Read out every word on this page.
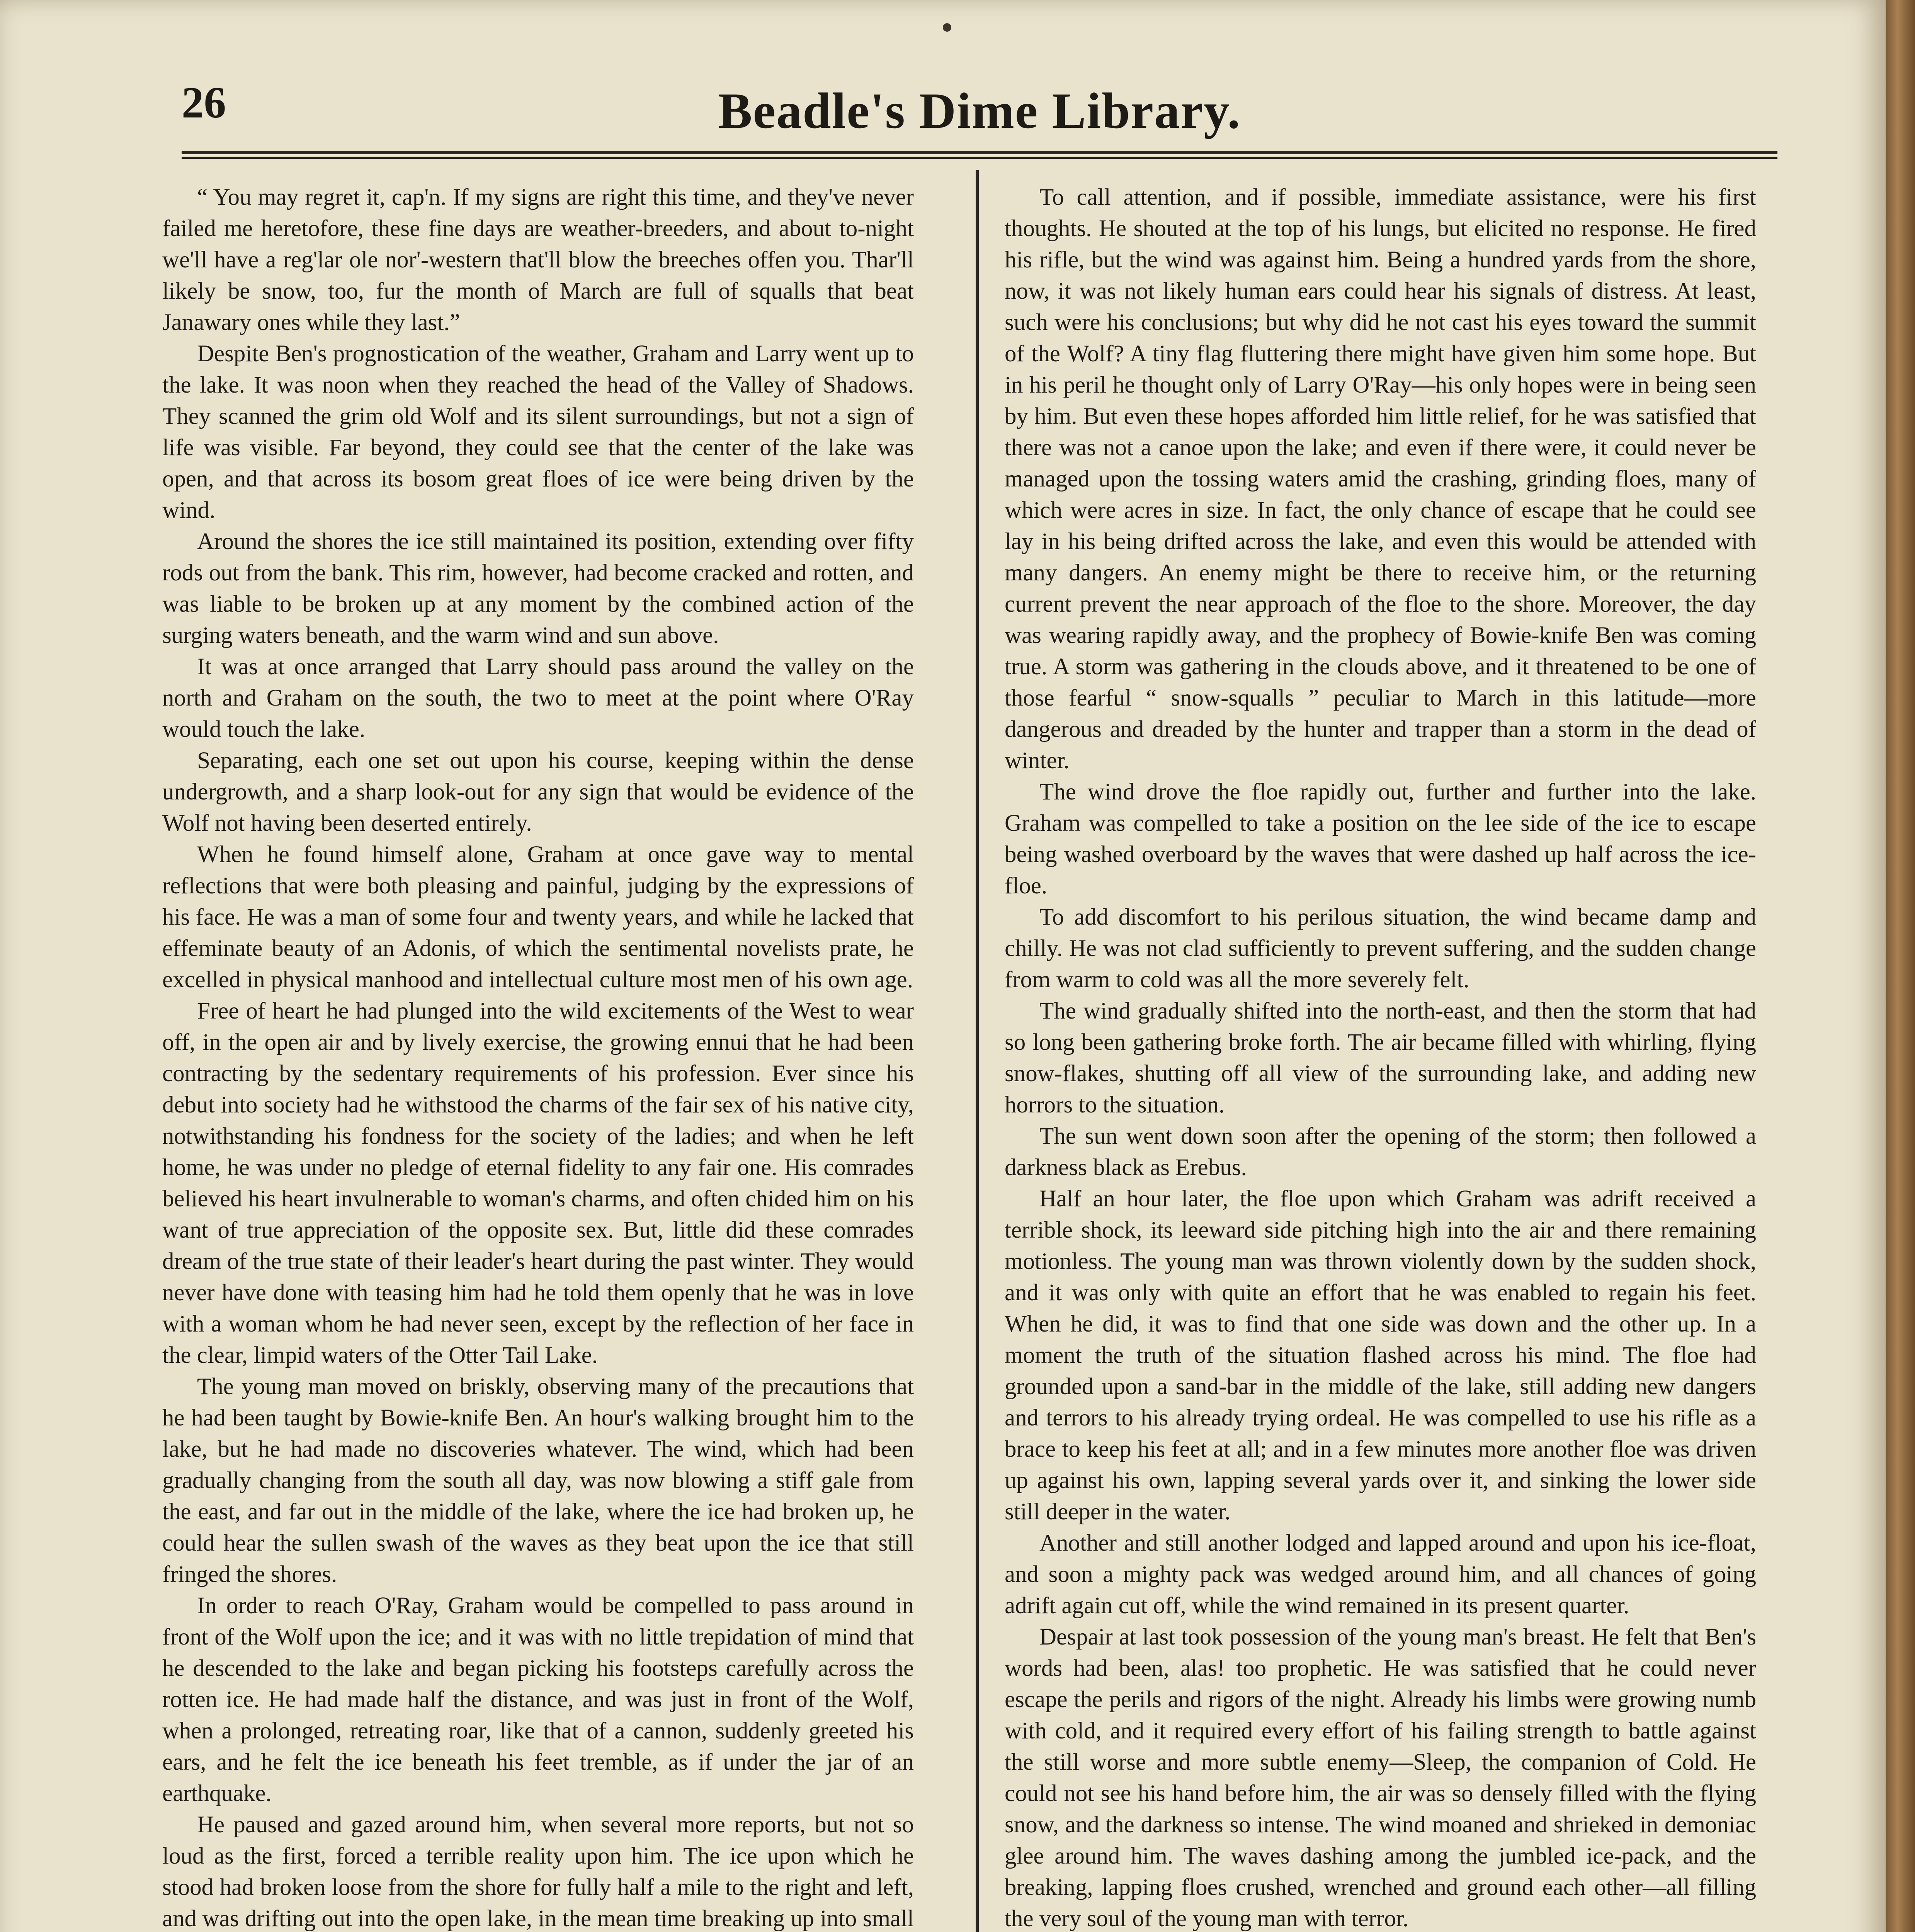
26	Beadle's Dime Library.

“ You may regret it, cap'n. If my signs are right this time, and they've never failed me heretofore, these fine days are weather-breeders, and about to-night we'll have a reg'lar ole nor'-western that'll blow the breeches offen you. Thar'll likely be snow, too, fur the month of March are full of squalls that beat Janawary ones while they last.”

Despite Ben's prognostication of the weather, Graham and Larry went up to the lake. It was noon when they reached the head of the Valley of Shadows. They scanned the grim old Wolf and its silent surroundings, but not a sign of life was visible. Far beyond, they could see that the center of the lake was open, and that across its bosom great floes of ice were being driven by the wind.

Around the shores the ice still maintained its position, extending over fifty rods out from the bank. This rim, however, had become cracked and rotten, and was liable to be broken up at any moment by the combined action of the surging waters beneath, and the warm wind and sun above.

It was at once arranged that Larry should pass around the valley on the north and Graham on the south, the two to meet at the point where O'Ray would touch the lake.

Separating, each one set out upon his course, keeping within the dense undergrowth, and a sharp look-out for any sign that would be evidence of the Wolf not having been deserted entirely.

When he found himself alone, Graham at once gave way to mental reflections that were both pleasing and painful, judging by the expressions of his face. He was a man of some four and twenty years, and while he lacked that effeminate beauty of an Adonis, of which the sentimental novelists prate, he excelled in physical manhood and intellectual culture most men of his own age.

Free of heart he had plunged into the wild excitements of the West to wear off, in the open air and by lively exercise, the growing ennui that he had been contracting by the sedentary requirements of his profession. Ever since his debut into society had he withstood the charms of the fair sex of his native city, notwithstanding his fondness for the society of the ladies; and when he left home, he was under no pledge of eternal fidelity to any fair one. His comrades believed his heart invulnerable to woman's charms, and often chided him on his want of true appreciation of the opposite sex. But, little did these comrades dream of the true state of their leader's heart during the past winter. They would never have done with teasing him had he told them openly that he was in love with a woman whom he had never seen, except by the reflection of her face in the clear, limpid waters of the Otter Tail Lake.

The young man moved on briskly, observing many of the precautions that he had been taught by Bowie-knife Ben. An hour's walking brought him to the lake, but he had made no discoveries whatever. The wind, which had been gradually changing from the south all day, was now blowing a stiff gale from the east, and far out in the middle of the lake, where the ice had broken up, he could hear the sullen swash of the waves as they beat upon the ice that still fringed the shores.

In order to reach O'Ray, Graham would be compelled to pass around in front of the Wolf upon the ice; and it was with no little trepidation of mind that he descended to the lake and began picking his footsteps carefully across the rotten ice. He had made half the distance, and was just in front of the Wolf, when a prolonged, retreating roar, like that of a cannon, suddenly greeted his ears, and he felt the ice beneath his feet tremble, as if under the jar of an earthquake.

He paused and gazed around him, when several more reports, but not so loud as the first, forced a terrible reality upon him. The ice upon which he stood had broken loose from the shore for fully half a mile to the right and left, and was drifting out into the open lake, in the mean time breaking up into small

To call attention, and if possible, immediate assistance, were his first thoughts. He shouted at the top of his lungs, but elicited no response. He fired his rifle, but the wind was against him. Being a hundred yards from the shore, now, it was not likely human ears could hear his signals of distress. At least, such were his conclusions; but why did he not cast his eyes toward the summit of the Wolf? A tiny flag fluttering there might have given him some hope. But in his peril he thought only of Larry O'Ray—his only hopes were in being seen by him. But even these hopes afforded him little relief, for he was satisfied that there was not a canoe upon the lake; and even if there were, it could never be managed upon the tossing waters amid the crashing, grinding floes, many of which were acres in size. In fact, the only chance of escape that he could see lay in his being drifted across the lake, and even this would be attended with many dangers. An enemy might be there to receive him, or the returning current prevent the near approach of the floe to the shore. Moreover, the day was wearing rapidly away, and the prophecy of Bowie-knife Ben was coming true. A storm was gathering in the clouds above, and it threatened to be one of those fearful “ snow-squalls ” peculiar to March in this latitude—more dangerous and dreaded by the hunter and trapper than a storm in the dead of winter.

The wind drove the floe rapidly out, further and further into the lake. Graham was compelled to take a position on the lee side of the ice to escape being washed overboard by the waves that were dashed up half across the ice-floe.

To add discomfort to his perilous situation, the wind became damp and chilly. He was not clad sufficiently to prevent suffering, and the sudden change from warm to cold was all the more severely felt.

The wind gradually shifted into the north-east, and then the storm that had so long been gathering broke forth. The air became filled with whirling, flying snow-flakes, shutting off all view of the surrounding lake, and adding new horrors to the situation.

The sun went down soon after the opening of the storm; then followed a darkness black as Erebus.

Half an hour later, the floe upon which Graham was adrift received a terrible shock, its leeward side pitching high into the air and there remaining motionless. The young man was thrown violently down by the sudden shock, and it was only with quite an effort that he was enabled to regain his feet. When he did, it was to find that one side was down and the other up. In a moment the truth of the situation flashed across his mind. The floe had grounded upon a sand-bar in the middle of the lake, still adding new dangers and terrors to his already trying ordeal. He was compelled to use his rifle as a brace to keep his feet at all; and in a few minutes more another floe was driven up against his own, lapping several yards over it, and sinking the lower side still deeper in the water.

Another and still another lodged and lapped around and upon his ice-float, and soon a mighty pack was wedged around him, and all chances of going adrift again cut off, while the wind remained in its present quarter.

Despair at last took possession of the young man's breast. He felt that Ben's words had been, alas! too prophetic. He was satisfied that he could never escape the perils and rigors of the night. Already his limbs were growing numb with cold, and it required every effort of his failing strength to battle against the still worse and more subtle enemy—Sleep, the companion of Cold. He could not see his hand before him, the air was so densely filled with the flying snow, and the darkness so intense. The wind moaned and shrieked in demoniac glee around him. The waves dashing among the jumbled ice-pack, and the breaking, lapping floes crushed, wrenched and ground each other—all filling the very soul of the young man with terror.
